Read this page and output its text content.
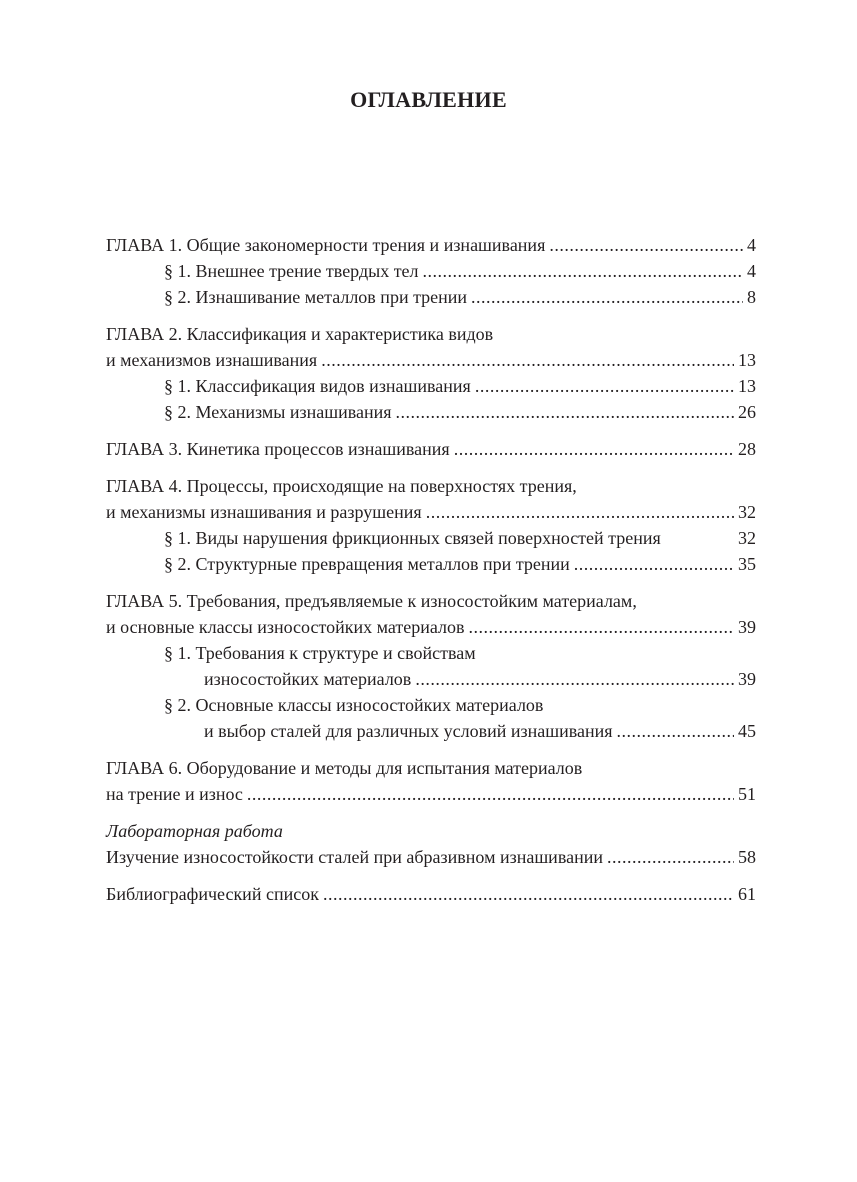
ОГЛАВЛЕНИЕ
ГЛАВА 1. Общие закономерности трения и изнашивания .....	4
§ 1. Внешнее трение твердых тел .....	4
§ 2. Изнашивание металлов при трении .....	8
ГЛАВА 2. Классификация и характеристика видов
и механизмов изнашивания .....	13
§ 1. Классификация видов изнашивания .....	13
§ 2. Механизмы изнашивания .....	26
ГЛАВА 3. Кинетика процессов изнашивания .....	28
ГЛАВА 4. Процессы, происходящие на поверхностях трения,
и механизмы изнашивания и разрушения .....	32
§ 1. Виды нарушения фрикционных связей поверхностей трения	32
§ 2. Структурные превращения металлов при трении .....	35
ГЛАВА 5. Требования, предъявляемые к износостойким материалам,
и основные классы износостойких материалов .....	39
§ 1. Требования к структуре и свойствам
износостойких материалов .....	39
§ 2. Основные классы износостойких материалов
и выбор сталей для различных условий изнашивания .....	45
ГЛАВА 6. Оборудование и методы для испытания материалов
на трение и износ .....	51
Лабораторная работа
Изучение износостойкости сталей при абразивном изнашивании .....	58
Библиографический список .....	61
